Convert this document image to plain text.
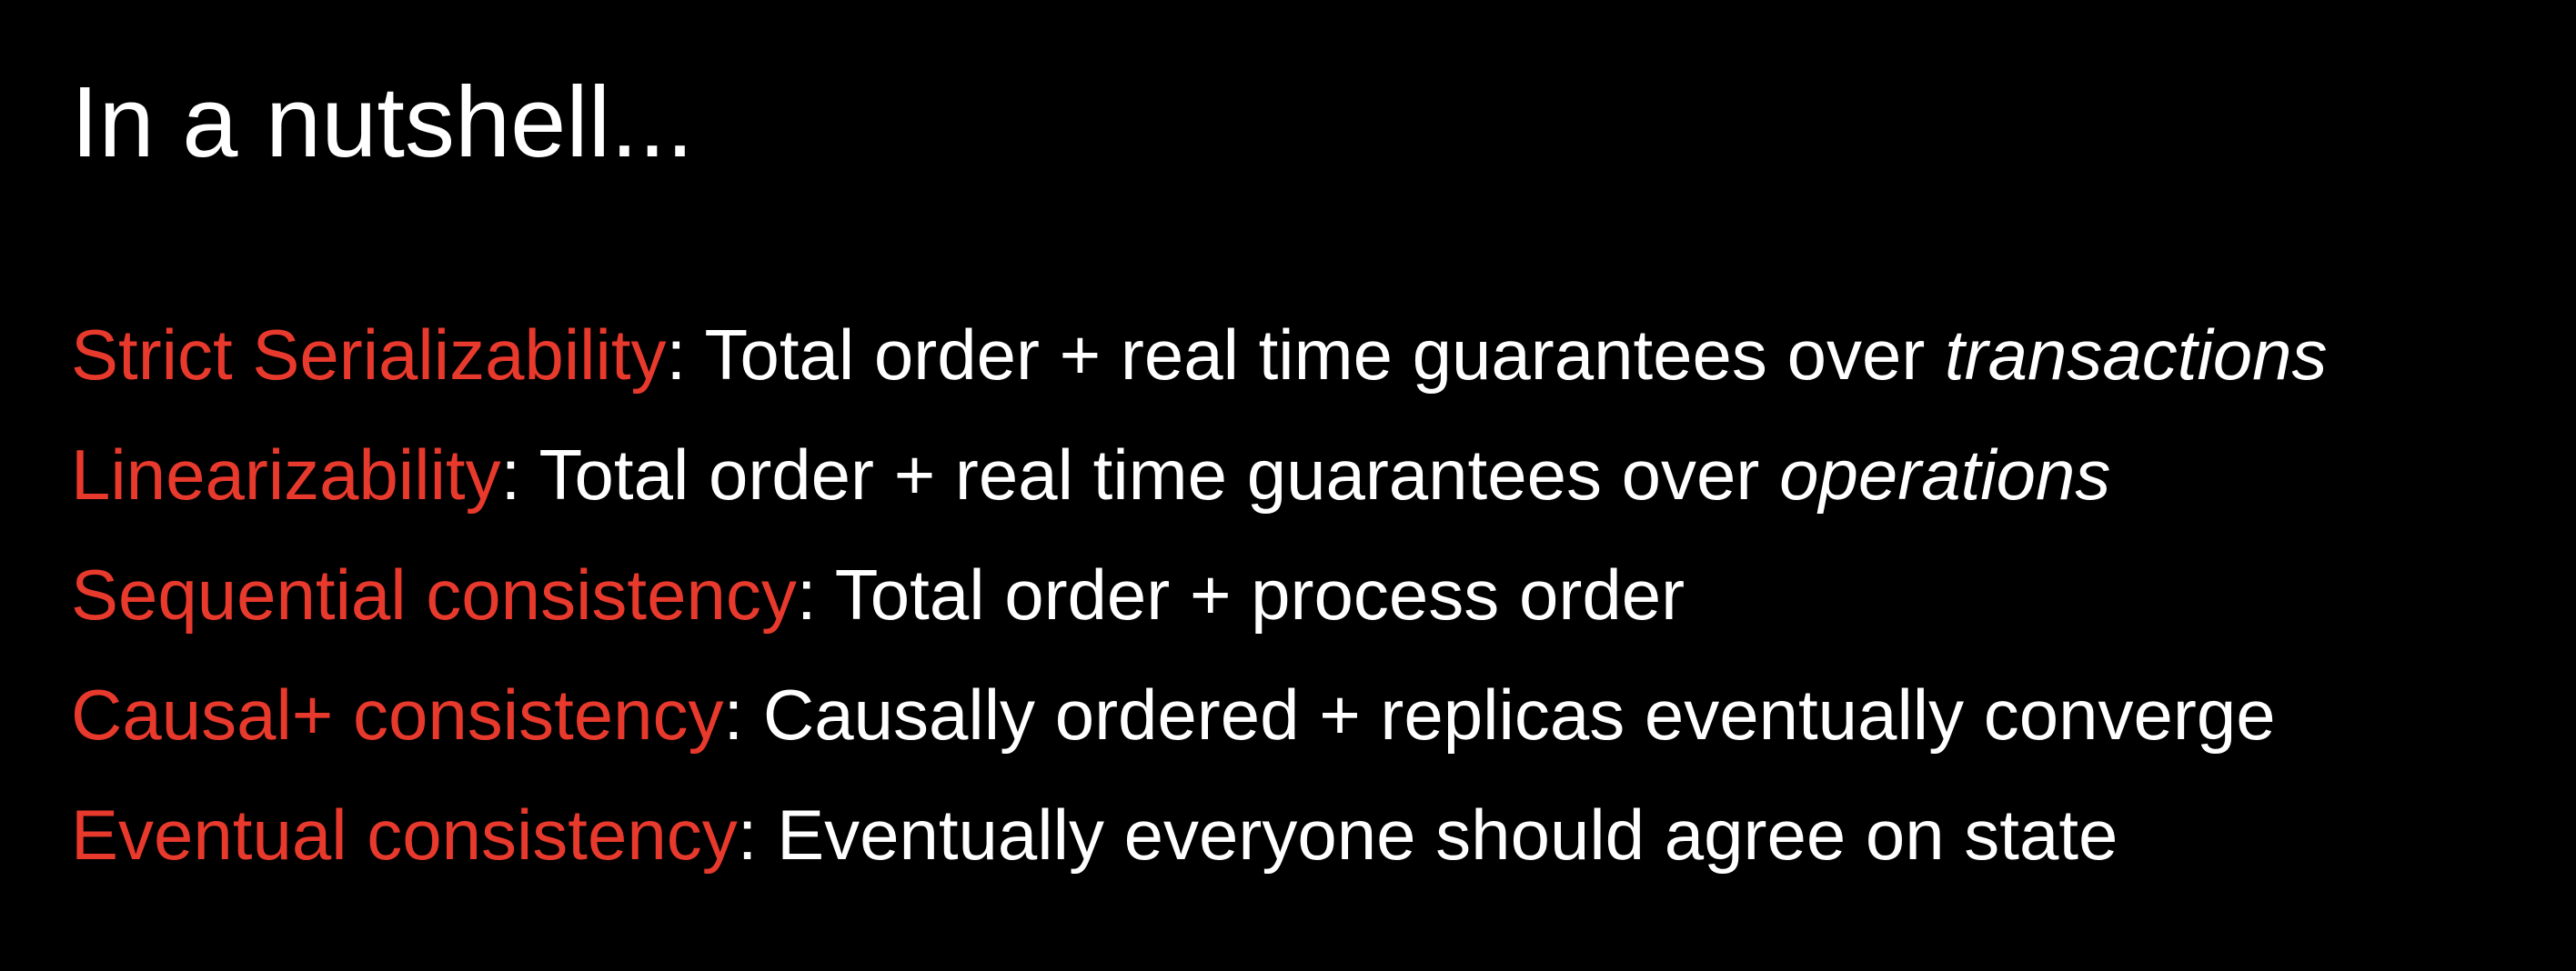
In a nutshell...
Strict Serializability: Total order + real time guarantees over transactions
Linearizability: Total order + real time guarantees over operations
Sequential consistency: Total order + process order
Causal+ consistency: Causally ordered + replicas eventually converge
Eventual consistency: Eventually everyone should agree on state
